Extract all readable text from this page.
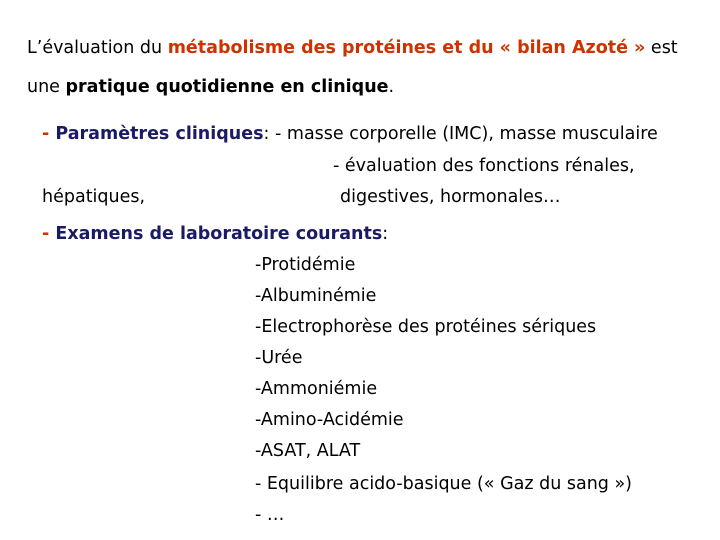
L’évaluation du métabolisme des protéines et du « bilan Azoté » est
une pratique quotidienne en clinique.
- Paramètres cliniques: - masse corporelle (IMC), masse musculaire
- évaluation des fonctions rénales,
hépatiques,	digestives, hormonales…
- Examens de laboratoire courants:
-Protidémie
-Albuminémie
-Electrophorèse des protéines sériques
-Urée
-Ammoniémie
-Amino-Acidémie
-ASAT, ALAT
- Equilibre acido-basique (« Gaz du sang »)
- …
